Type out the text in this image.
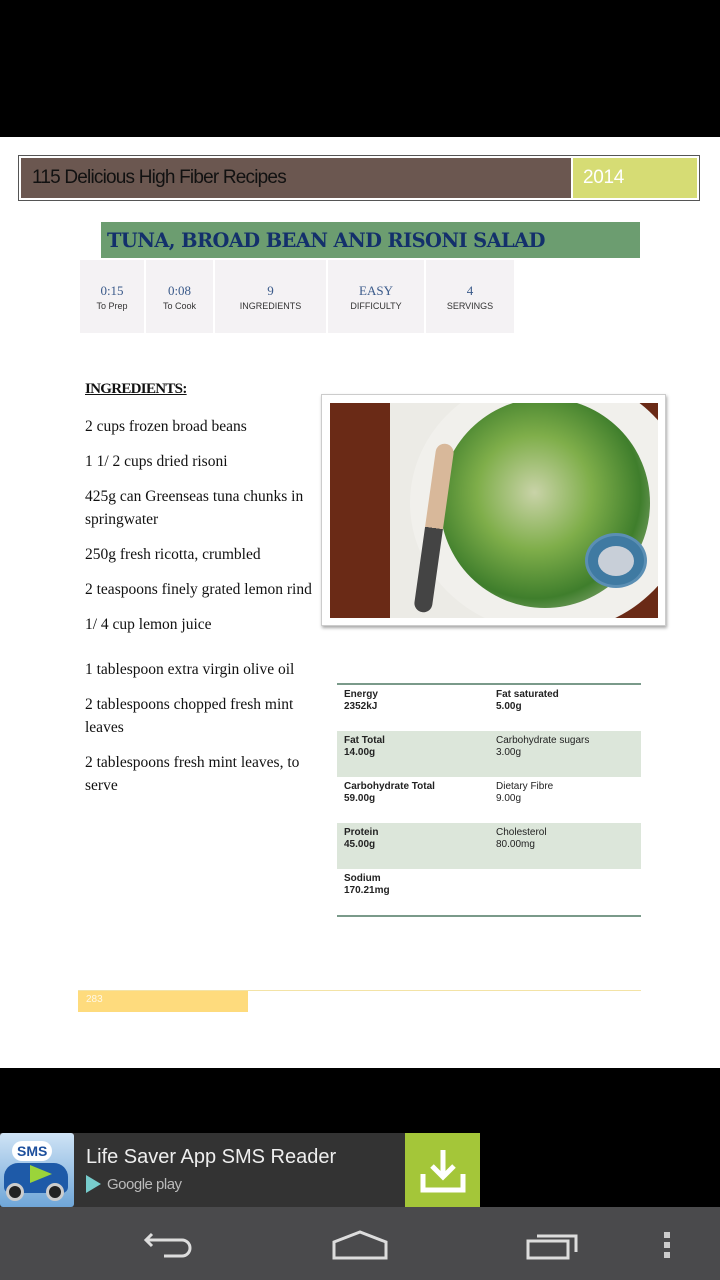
115 Delicious High Fiber Recipes	2014
TUNA, BROAD BEAN AND RISONI SALAD
0:15
To Prep
0:08
To Cook
9
INGREDIENTS
EASY
DIFFICULTY
4
SERVINGS
INGREDIENTS:
2 cups frozen broad beans
1 1/ 2 cups dried risoni
425g can Greenseas tuna chunks in springwater
250g fresh ricotta, crumbled
2 teaspoons finely grated lemon rind
1/ 4 cup lemon juice
1 tablespoon extra virgin olive oil
2 tablespoons chopped fresh mint leaves
2 tablespoons fresh mint leaves, to serve
Energy
2352kJ
Fat saturated
5.00g
Fat Total
14.00g
Carbohydrate sugars
3.00g
Carbohydrate Total
59.00g
Dietary Fibre
9.00g
Protein
45.00g
Cholesterol
80.00mg
Sodium
170.21mg
283
SMS Life Saver App SMS Reader
Google play
